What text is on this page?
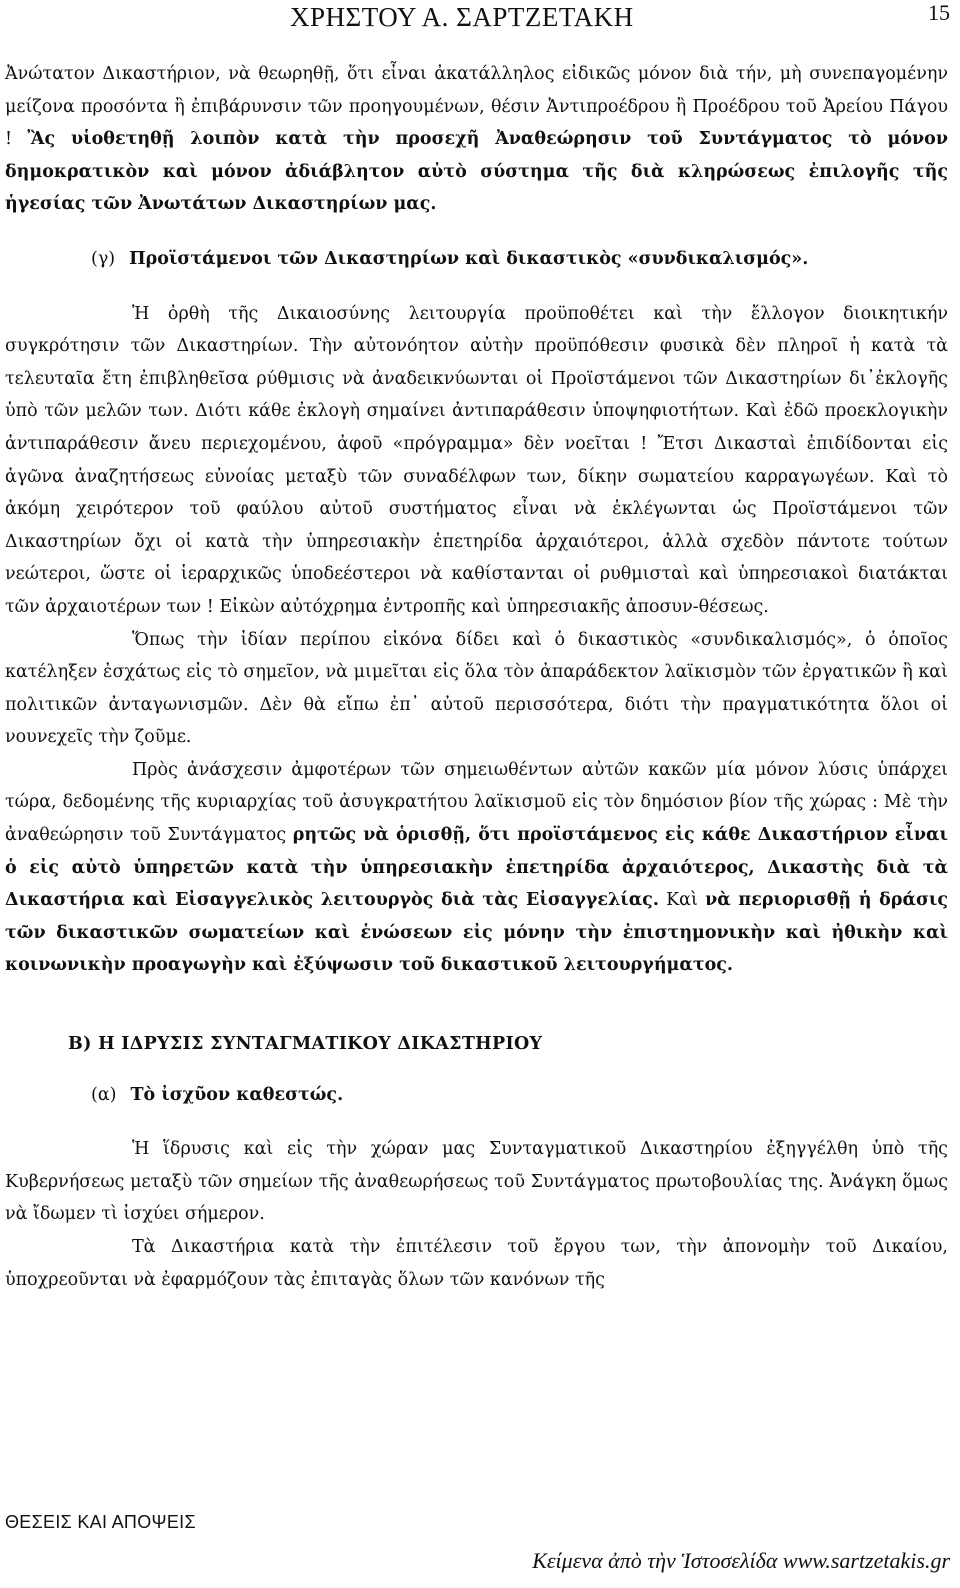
ΧΡΗΣΤΟΥ Α. ΣΑΡΤΖΕΤΑΚΗ	15

Ἀνώτατον Δικαστήριον, νὰ θεωρηθῇ, ὅτι εἶναι ἀκατάλληλος εἰδικῶς μόνον διὰ τήν, μὴ συνεπαγομένην μείζονα προσόντα ἢ ἐπιβάρυνσιν τῶν προηγουμένων, θέσιν Ἀντιπροέδρου ἢ Προέδρου τοῦ Ἀρείου Πάγου ! Ἂς υἱοθετηθῇ λοιπὸν κατὰ τὴν προσεχῆ Ἀναθεώρησιν τοῦ Συντάγματος τὸ μόνον δημοκρατικὸν καὶ μόνον ἀδιάβλητον αὐτὸ σύστημα τῆς διὰ κληρώσεως ἐπιλογῆς τῆς ἡγεσίας τῶν Ἀνωτάτων Δικαστηρίων μας.

(γ) Προϊστάμενοι τῶν Δικαστηρίων καὶ δικαστικὸς «συνδικαλισμός».

Ἡ ὀρθὴ τῆς Δικαιοσύνης λειτουργία προϋποθέτει καὶ τὴν ἔλλογον διοικητικήν συγκρότησιν τῶν Δικαστηρίων. Τὴν αὐτονόητον αὐτὴν προϋπόθεσιν φυσικὰ δὲν πληροῖ ἡ κατὰ τὰ τελευταῖα ἔτη ἐπιβληθεῖσα ρύθμισις νὰ ἀναδεικνύωνται οἱ Προϊστάμενοι τῶν Δικαστηρίων δι᾽ἐκλογῆς ὑπὸ τῶν μελῶν των. Διότι κάθε ἐκλογὴ σημαίνει ἀντιπαράθεσιν ὑποψηφιοτήτων. Καὶ ἐδῶ προεκλογικὴν ἀντιπαράθεσιν ἄνευ περιεχομένου, ἀφοῦ «πρόγραμμα» δὲν νοεῖται ! Ἔτσι Δικασταὶ ἐπιδίδονται εἰς ἀγῶνα ἀναζητήσεως εὐνοίας μεταξὺ τῶν συναδέλφων των, δίκην σωματείου καρραγωγέων. Καὶ τὸ ἀκόμη χειρότερον τοῦ φαύλου αὐτοῦ συστήματος εἶναι νὰ ἐκλέγωνται ὡς Προϊστάμενοι τῶν Δικαστηρίων ὄχι οἱ κατὰ τὴν ὑπηρεσιακὴν ἐπετηρίδα ἀρχαιότεροι, ἀλλὰ σχεδὸν πάντοτε τούτων νεώτεροι, ὥστε οἱ ἱεραρχικῶς ὑποδεέστεροι νὰ καθίστανται οἱ ρυθμισταὶ καὶ ὑπηρεσιακοὶ διατάκται τῶν ἀρχαιοτέρων των ! Εἰκὼν αὐτόχρημα ἐντροπῆς καὶ ὑπηρεσιακῆς ἀποσυν-θέσεως.

Ὅπως τὴν ἰδίαν περίπου εἰκόνα δίδει καὶ ὁ δικαστικὸς «συνδικαλισμός», ὁ ὁποῖος κατέληξεν ἐσχάτως εἰς τὸ σημεῖον, νὰ μιμεῖται εἰς ὅλα τὸν ἀπαράδεκτον λαϊκισμὸν τῶν ἐργατικῶν ἢ καὶ πολιτικῶν ἀνταγωνισμῶν. Δὲν θὰ εἴπω ἐπ᾽ αὐτοῦ περισσότερα, διότι τὴν πραγματικότητα ὅλοι οἱ νουνεχεῖς τὴν ζοῦμε.

Πρὸς ἀνάσχεσιν ἀμφοτέρων τῶν σημειωθέντων αὐτῶν κακῶν μία μόνον λύσις ὑπάρχει τώρα, δεδομένης τῆς κυριαρχίας τοῦ ἀσυγκρατήτου λαϊκισμοῦ εἰς τὸν δημόσιον βίον τῆς χώρας : Μὲ τὴν ἀναθεώρησιν τοῦ Συντάγματος ρητῶς νὰ ὁρισθῇ, ὅτι προϊστάμενος εἰς κάθε Δικαστήριον εἶναι ὁ εἰς αὐτὸ ὑπηρετῶν κατὰ τὴν ὑπηρεσιακὴν ἐπετηρίδα ἀρχαιότερος, Δικαστὴς διὰ τὰ Δικαστήρια καὶ Εἰσαγγελικὸς λειτουργὸς διὰ τὰς Εἰσαγγελίας. Καὶ νὰ περιορισθῇ ἡ δράσις τῶν δικαστικῶν σωματείων καὶ ἑνώσεων εἰς μόνην τὴν ἐπιστημονικὴν καὶ ἠθικὴν καὶ κοινωνικὴν προαγωγὴν καὶ ἐξύψωσιν τοῦ δικαστικοῦ λειτουργήματος.

Β) Η ΙΔΡΥΣΙΣ ΣΥΝΤΑΓΜΑΤΙΚΟΥ ΔΙΚΑΣΤΗΡΙΟΥ
(α) Τὸ ἰσχῦον καθεστώς.

Ἡ ἵδρυσις καὶ εἰς τὴν χώραν μας Συνταγματικοῦ Δικαστηρίου ἐξηγγέλθη ὑπὸ τῆς Κυβερνήσεως μεταξὺ τῶν σημείων τῆς ἀναθεωρήσεως τοῦ Συντάγματος πρωτοβουλίας της. Ἀνάγκη ὅμως νὰ ἴδωμεν τὶ ἰσχύει σήμερον.

Τὰ Δικαστήρια κατὰ τὴν ἐπιτέλεσιν τοῦ ἔργου των, τὴν ἀπονομὴν τοῦ Δικαίου, ὑποχρεοῦνται νὰ ἐφαρμόζουν τὰς ἐπιταγὰς ὅλων τῶν κανόνων τῆς

ΘΕΣΕΙΣ ΚΑΙ ΑΠΟΨΕΙΣ
Κείμενα ἀπὸ τὴν Ἱστοσελίδα www.sartzetakis.gr
